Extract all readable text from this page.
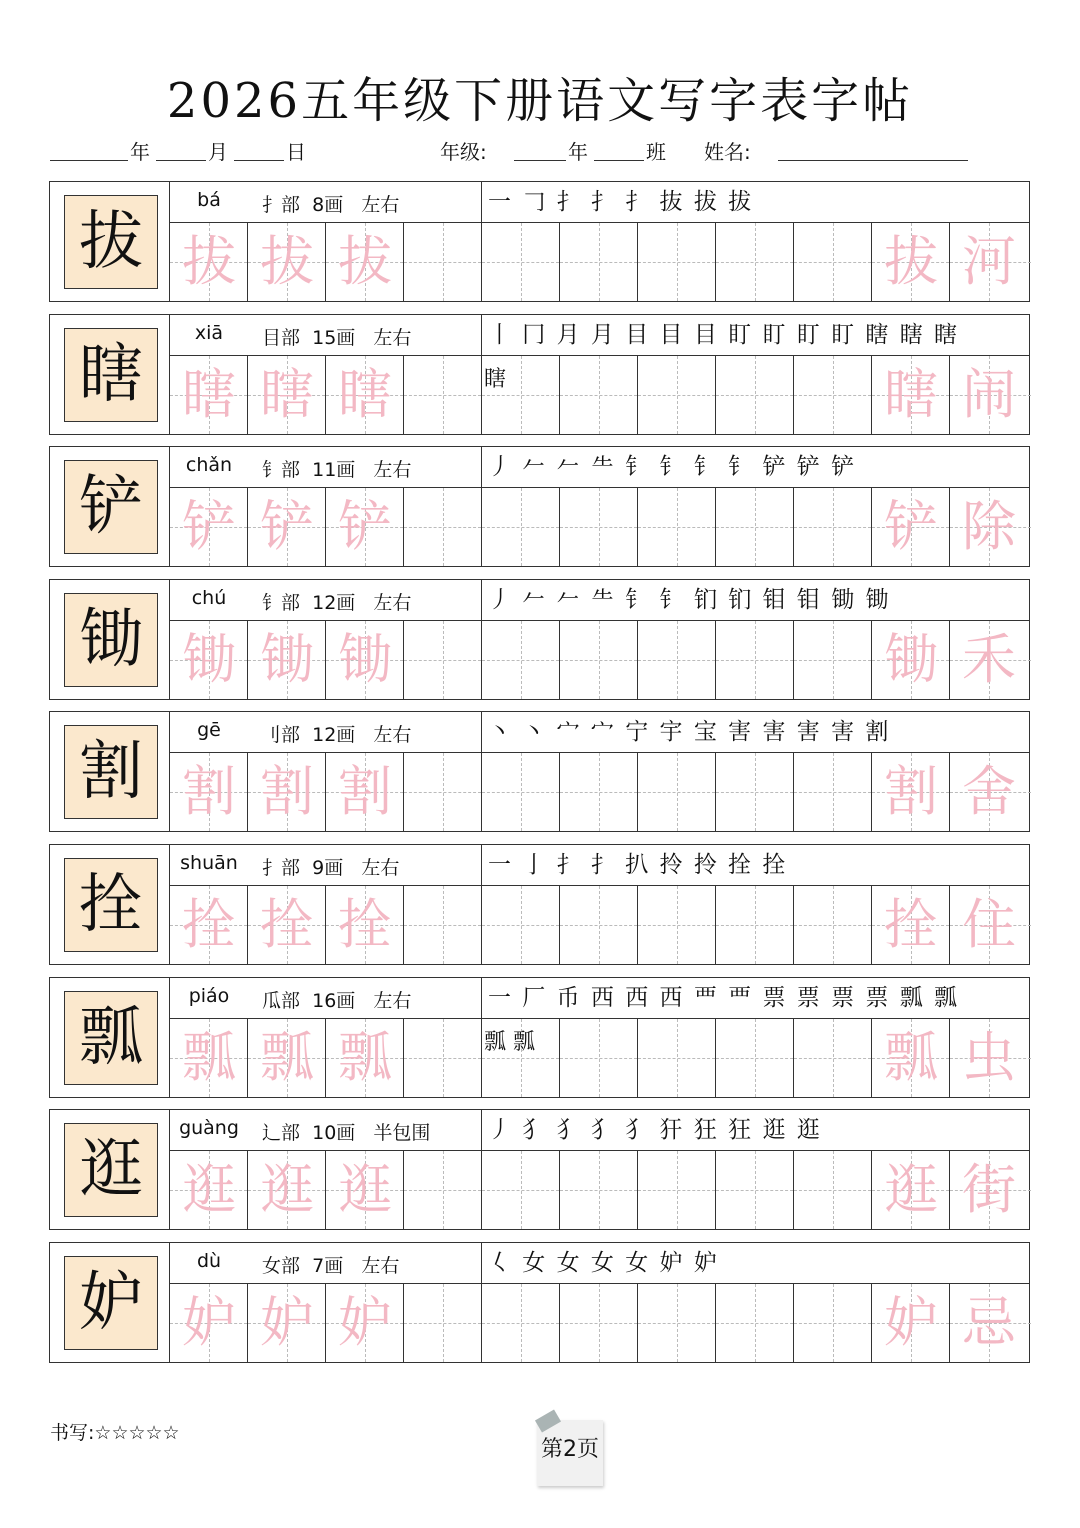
2026五年级下册语文写字表字帖
年	月	日	年级:	年	班 姓名:
拔
bá	扌部 8画 左右	一 𠃌 扌 扌 扌 抜 拔 拔
拔 拔 拔	拔 河
瞎
xiā	目部 15画 左右	丨 冂 月 月 目 目 目 盯 盯 盯 盯 瞎 瞎 瞎
瞎 瞎 瞎	瞎	瞎 闹
铲
chǎn	钅部 11画 左右	丿 𠂉 𠂉 ⺧ 钅 钅 钅 钅 铲 铲 铲
铲 铲 铲	铲 除
锄
chú	钅部 12画 左右	丿 𠂉 𠂉 ⺧ 钅 钅 钔 钔 钼 钼 锄 锄
锄 锄 锄	锄 禾
割
gē	刂部 12画 左右	丶 丶 宀 宀 宁 宇 宝 害 害 害 害 割
割 割 割	割 舍
拴
shuān	扌部 9画 左右	一 亅 扌 扌 扒 拎 拎 拴 拴
拴 拴 拴	拴 住
瓢
piáo	瓜部 16画 左右	一 厂 币 西 西 西 覀 覀 票 票 票 票 瓢 瓢
瓢 瓢 瓢	瓢 瓢	瓢 虫
逛
guàng	辶部 10画 半包围	丿 犭 犭 犭 犭 犴 狂 狂 逛 逛
逛 逛 逛	逛 街
妒
dù	女部 7画 左右	𡿨 女 女 女 女 妒 妒
妒 妒 妒	妒 忌
书写:☆☆☆☆☆
第2页
